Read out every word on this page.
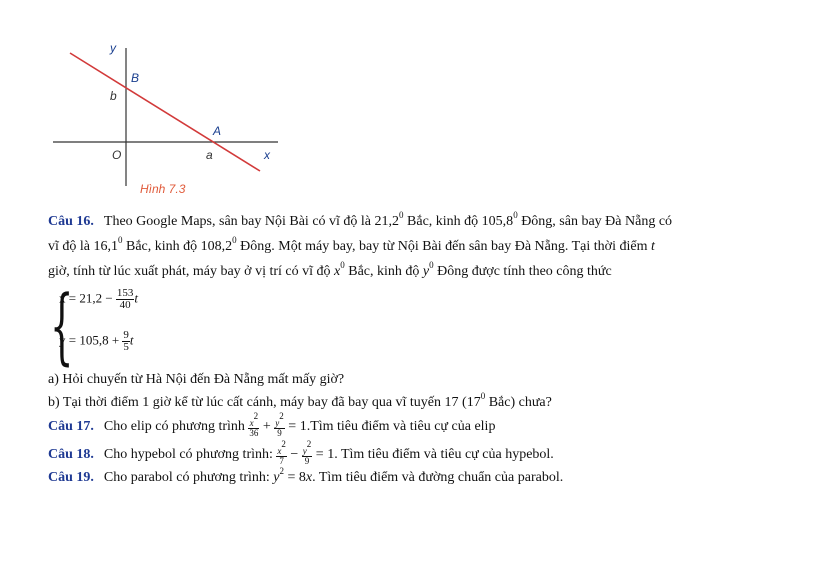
y
B
b
A
O	a	x
Hình 7.3
Câu 16. Theo Google Maps, sân bay Nội Bài có vĩ độ là 21,2$^0$ Bắc, kinh độ 105,8$^0$ Đông, sân bay Đà Nẵng có
vĩ độ là 16,1$^0$ Bắc, kinh độ 108,2$^0$ Đông. Một máy bay, bay từ Nội Bài đến sân bay Đà Nẵng. Tại thời điểm t
giờ, tính từ lúc xuất phát, máy bay ở vị trí có vĩ độ $x^0$ Bắc, kinh độ $y^0$ Đông được tính theo công thức
{
$x = 21,2 - \frac{153}{40}$ t
$y = 105,8 + \frac{9}{5}$ t
a) Hỏi chuyến từ Hà Nội đến Đà Nẵng mất mấy giờ?
b) Tại thời điểm 1 giờ kể từ lúc cất cánh, máy bay đã bay qua vĩ tuyến 17 ($17^0$ Bắc) chưa?
Câu 17. Cho elip có phương trình $\frac{x^2}{36} + \frac{y^2}{9}$ = 1.Tìm tiêu điểm và tiêu cự của elip
Câu 18. Cho hypebol có phương trình: $\frac{x^2}{7} - \frac{y^2}{9} = 1$. Tìm tiêu điểm và tiêu cự của hypebol.
Câu 19. Cho parabol có phương trình: $y^2 = 8x$. Tìm tiêu điểm và đường chuẩn của parabol.
